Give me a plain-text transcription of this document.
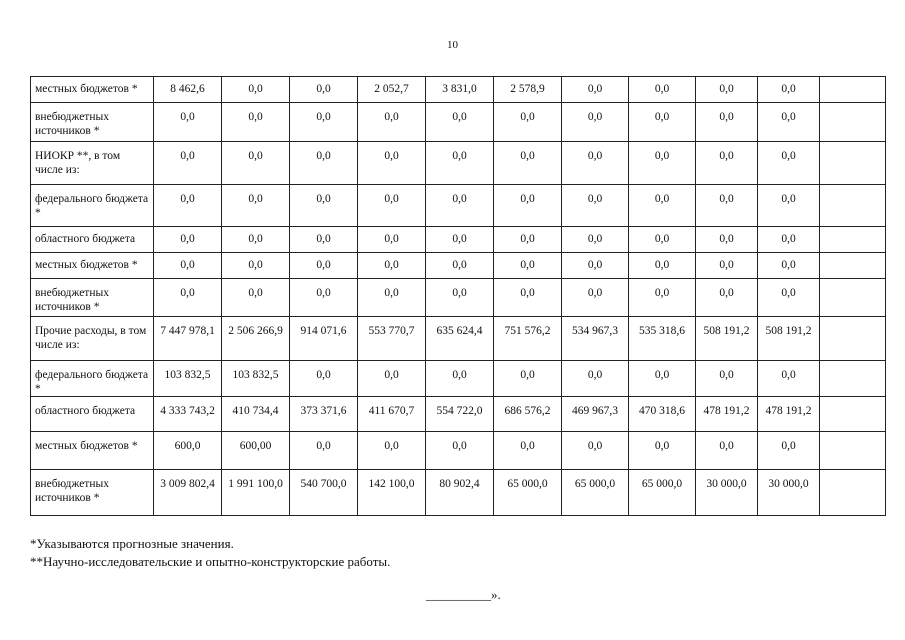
10
местных бюджетов *	8 462,6	0,0	0,0	2 052,7	3 831,0	2 578,9	0,0	0,0	0,0	0,0	
внебюджетных источников *	0,0	0,0	0,0	0,0	0,0	0,0	0,0	0,0	0,0	0,0	
НИОКР **, в том числе из:	0,0	0,0	0,0	0,0	0,0	0,0	0,0	0,0	0,0	0,0	
федерального бюджета *	0,0	0,0	0,0	0,0	0,0	0,0	0,0	0,0	0,0	0,0	
областного бюджета	0,0	0,0	0,0	0,0	0,0	0,0	0,0	0,0	0,0	0,0	
местных бюджетов *	0,0	0,0	0,0	0,0	0,0	0,0	0,0	0,0	0,0	0,0	
внебюджетных источников *	0,0	0,0	0,0	0,0	0,0	0,0	0,0	0,0	0,0	0,0	
Прочие расходы, в том числе из:	7 447 978,1	2 506 266,9	914 071,6	553 770,7	635 624,4	751 576,2	534 967,3	535 318,6	508 191,2	508 191,2	
федерального бюджета *	103 832,5	103 832,5	0,0	0,0	0,0	0,0	0,0	0,0	0,0	0,0	
областного бюджета	4 333 743,2	410 734,4	373 371,6	411 670,7	554 722,0	686 576,2	469 967,3	470 318,6	478 191,2	478 191,2	
местных бюджетов *	600,0	600,00	0,0	0,0	0,0	0,0	0,0	0,0	0,0	0,0	
внебюджетных источников *	3 009 802,4	1 991 100,0	540 700,0	142 100,0	80 902,4	65 000,0	65 000,0	65 000,0	30 000,0	30 000,0	
*Указываются прогнозные значения.
**Научно-исследовательские и опытно-конструкторские работы.
__________».
